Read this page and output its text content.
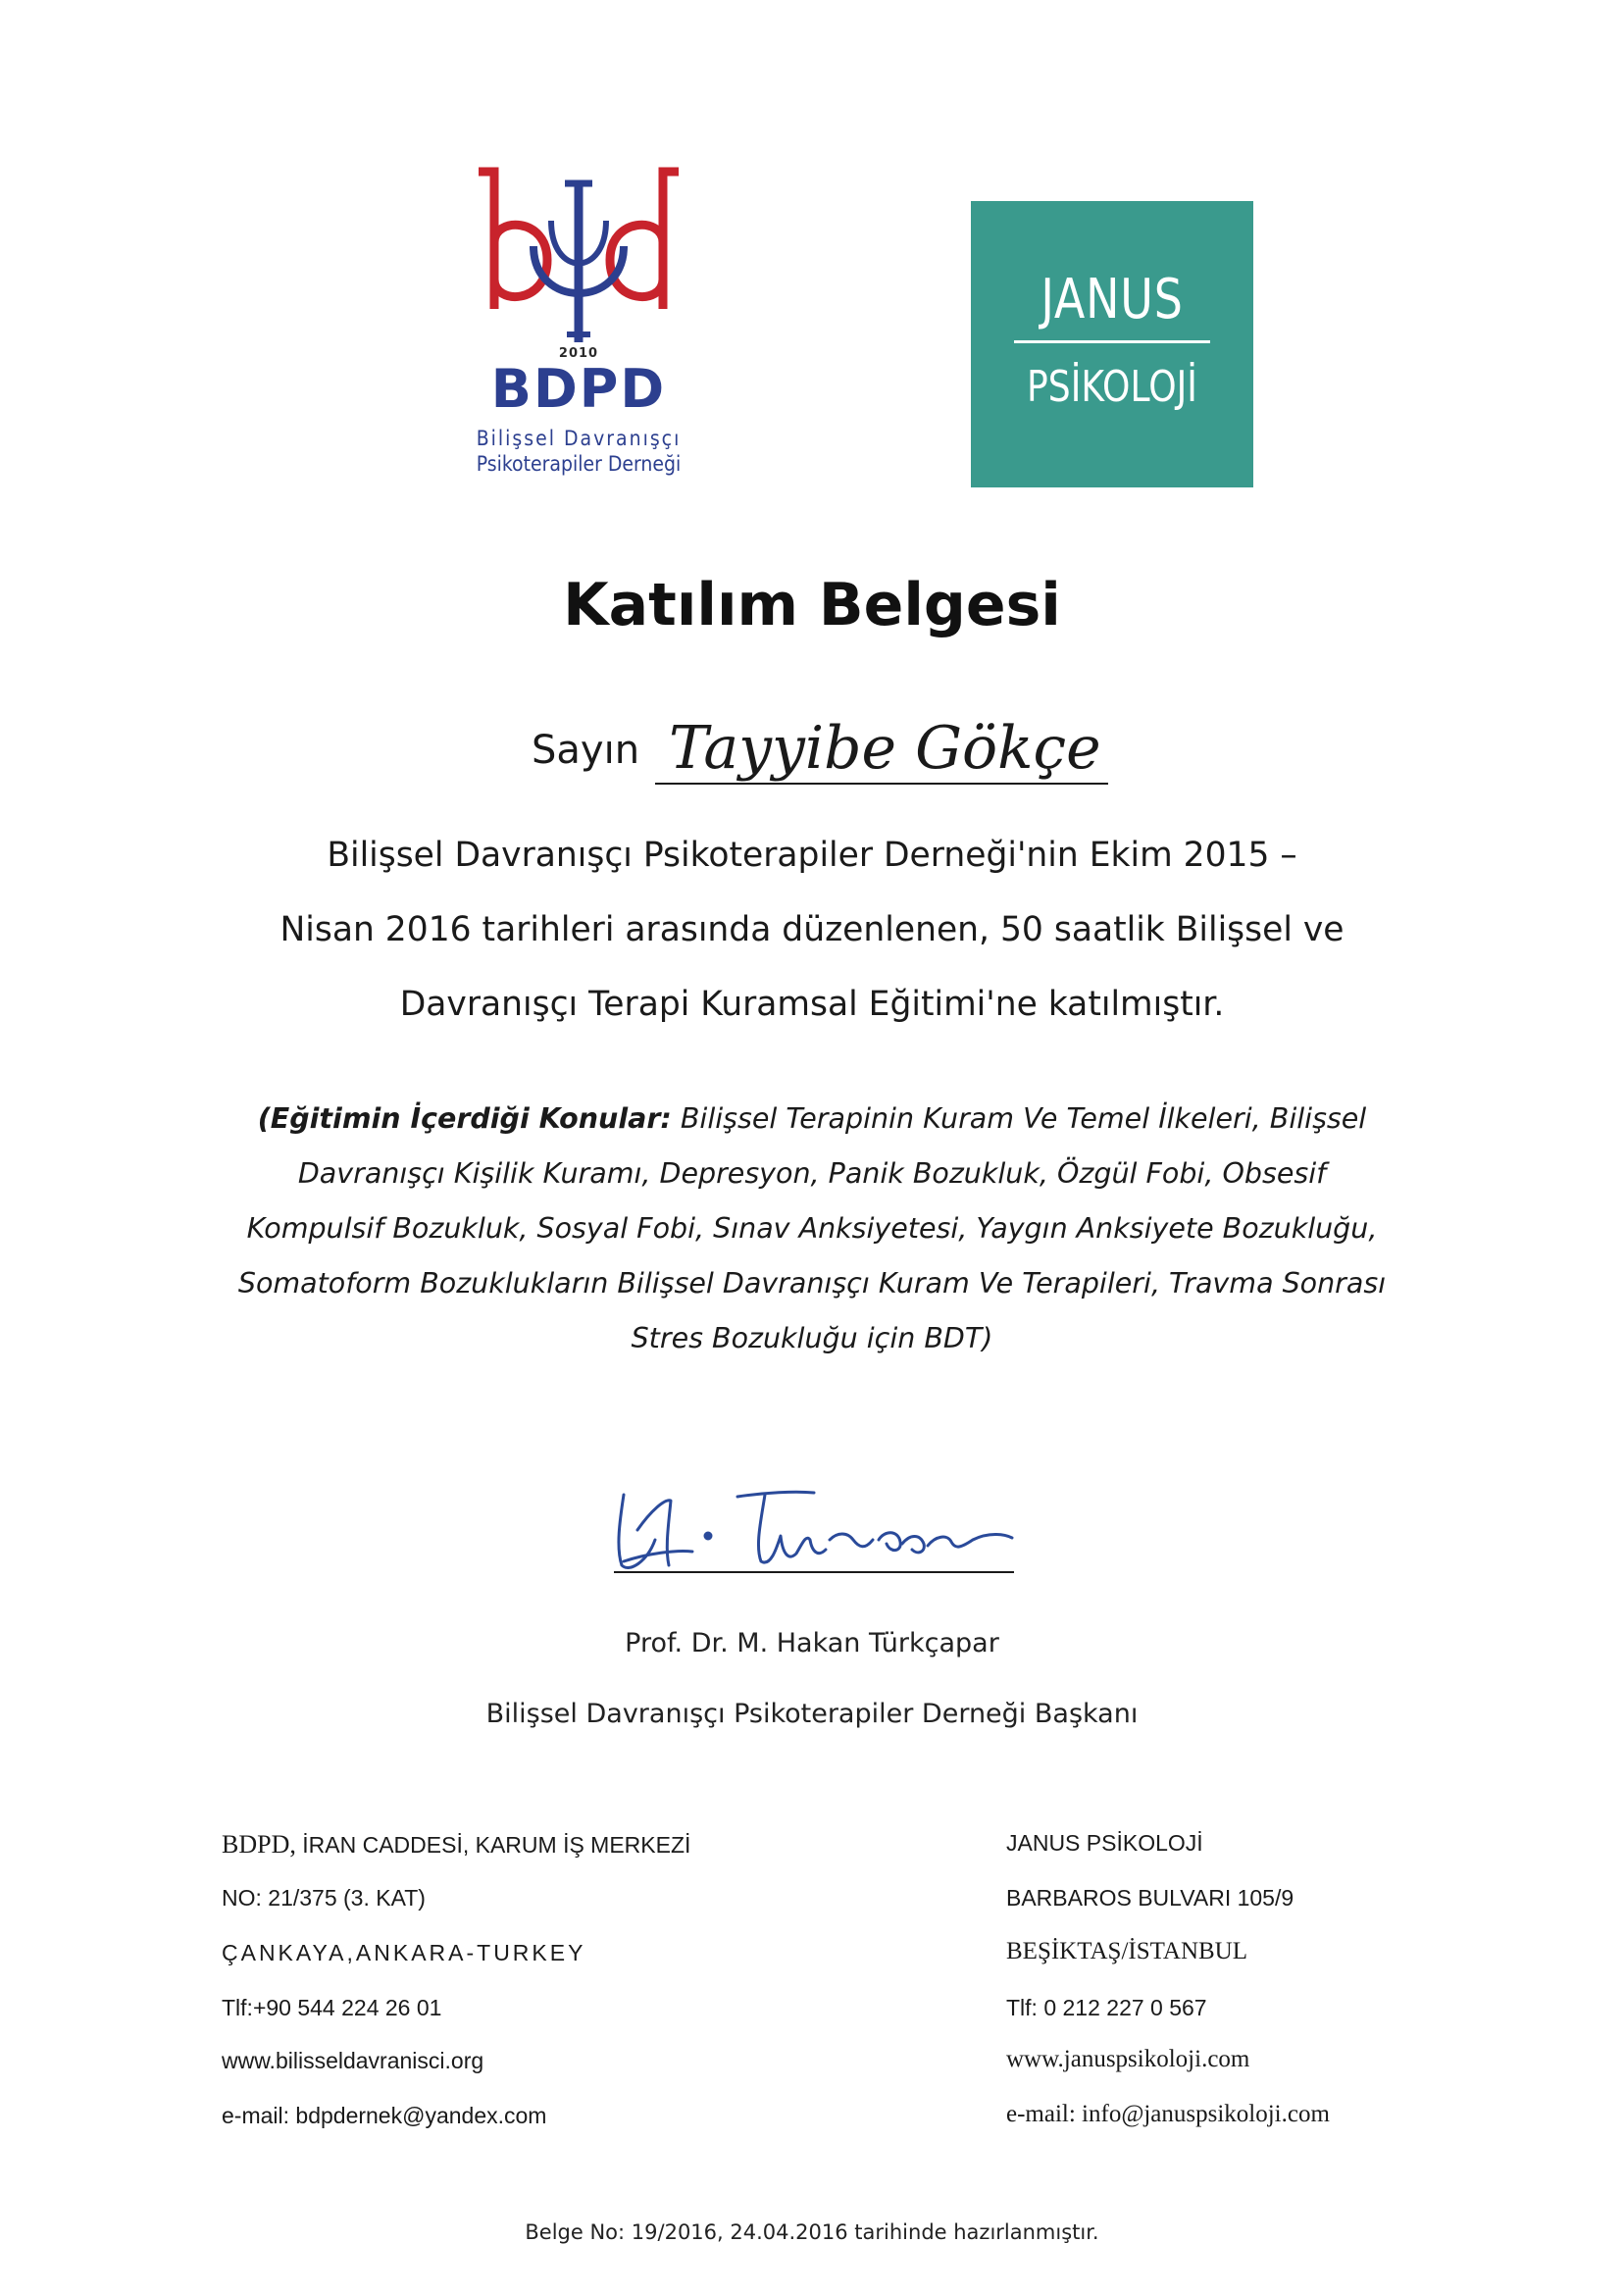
2010
BDPD
Bilişsel Davranışçı
Psikoterapiler Derneği
JANUS
PSİKOLOJİ
Katılım Belgesi
Sayın Tayyibe Gökçe
Bilişsel Davranışçı Psikoterapiler Derneği'nin Ekim 2015 –
Nisan 2016 tarihleri arasında düzenlenen, 50 saatlik Bilişsel ve
Davranışçı Terapi Kuramsal Eğitimi'ne katılmıştır.
(Eğitimin İçerdiği Konular: Bilişsel Terapinin Kuram Ve Temel İlkeleri, Bilişsel
Davranışçı Kişilik Kuramı, Depresyon, Panik Bozukluk, Özgül Fobi, Obsesif
Kompulsif Bozukluk, Sosyal Fobi, Sınav Anksiyetesi, Yaygın Anksiyete Bozukluğu,
Somatoform Bozuklukların Bilişsel Davranışçı Kuram Ve Terapileri, Travma Sonrası
Stres Bozukluğu için BDT)
Prof. Dr. M. Hakan Türkçapar
Bilişsel Davranışçı Psikoterapiler Derneği Başkanı
BDPD, İRAN CADDESİ, KARUM İŞ MERKEZİ
NO: 21/375 (3. KAT)
ÇANKAYA,ANKARA-TURKEY
Tlf:+90 544 224 26 01
www.bilisseldavranisci.org
e-mail: bdpdernek@yandex.com
JANUS PSİKOLOJİ
BARBAROS BULVARI 105/9
BEŞİKTAŞ/İSTANBUL
Tlf: 0 212 227 0 567
www.januspsikoloji.com
e-mail: info@januspsikoloji.com
Belge No: 19/2016, 24.04.2016 tarihinde hazırlanmıştır.
